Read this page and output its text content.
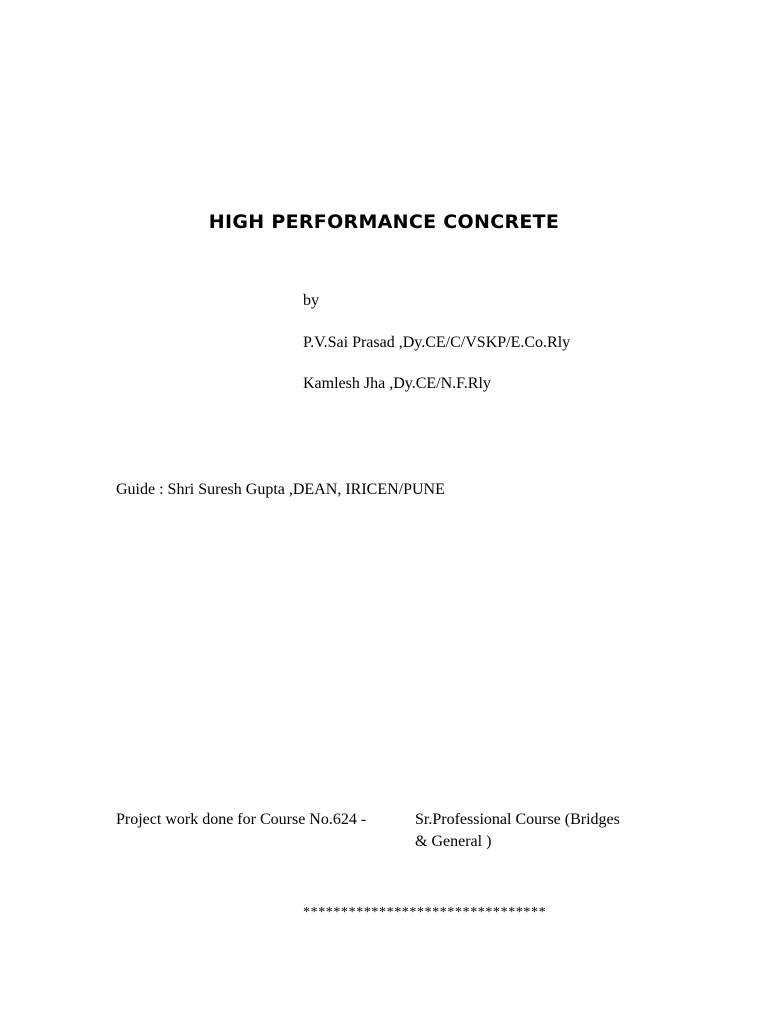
HIGH PERFORMANCE CONCRETE
by
P.V.Sai Prasad ,Dy.CE/C/VSKP/E.Co.Rly
Kamlesh Jha ,Dy.CE/N.F.Rly
Guide : Shri Suresh Gupta ,DEAN, IRICEN/PUNE
Project work done for Course No.624 -	Sr.Professional Course (Bridges
& General )
********************************
